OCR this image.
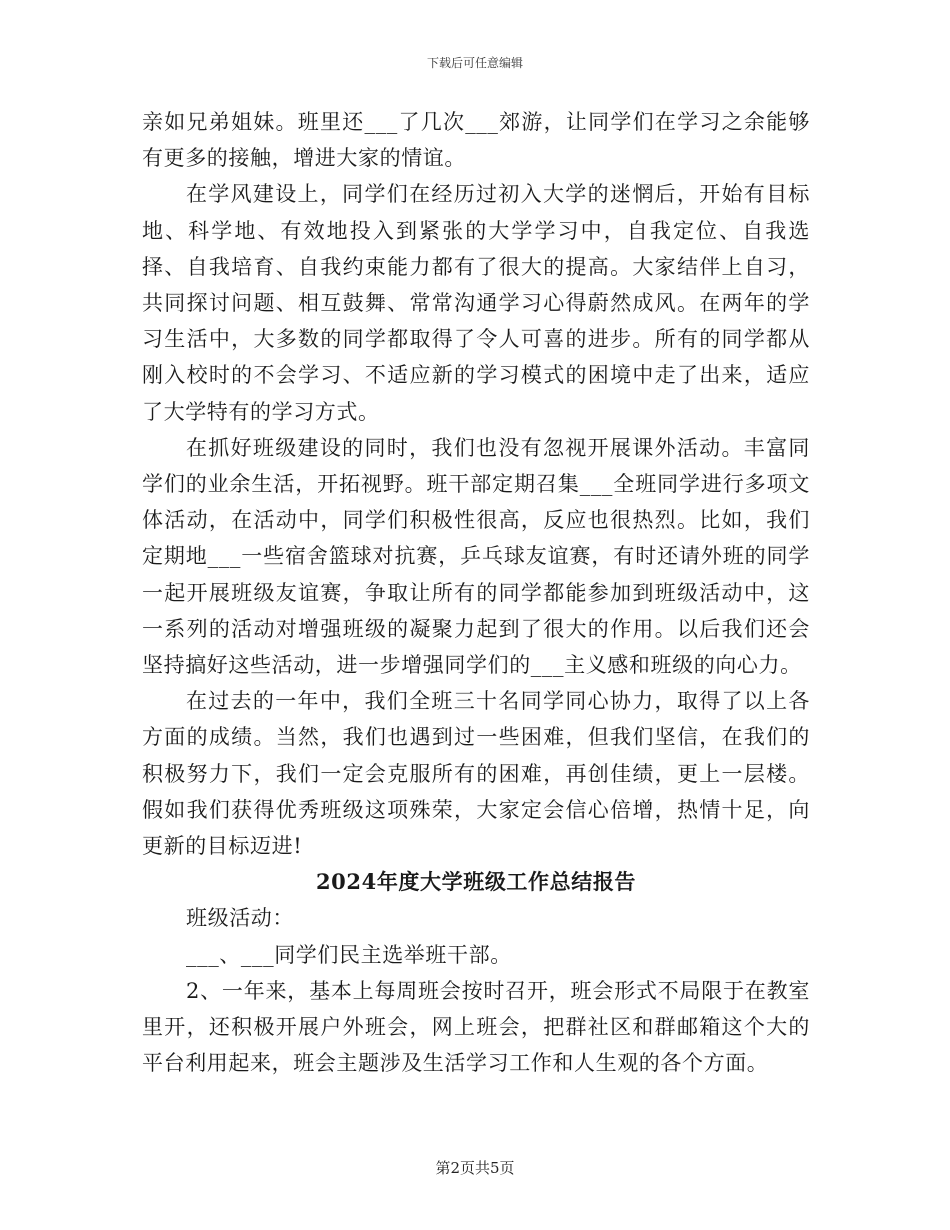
下载后可任意编辑

亲如兄弟姐妹。班里还___了几次___郊游，让同学们在学习之余能够有更多的接触，增进大家的情谊。

在学风建设上，同学们在经历过初入大学的迷惘后，开始有目标地、科学地、有效地投入到紧张的大学学习中，自我定位、自我选择、自我培育、自我约束能力都有了很大的提高。大家结伴上自习，共同探讨问题、相互鼓舞、常常沟通学习心得蔚然成风。在两年的学习生活中，大多数的同学都取得了令人可喜的进步。所有的同学都从刚入校时的不会学习、不适应新的学习模式的困境中走了出来，适应了大学特有的学习方式。

在抓好班级建设的同时，我们也没有忽视开展课外活动。丰富同学们的业余生活，开拓视野。班干部定期召集___全班同学进行多项文体活动，在活动中，同学们积极性很高，反应也很热烈。比如，我们定期地___一些宿舍篮球对抗赛，乒乓球友谊赛，有时还请外班的同学一起开展班级友谊赛，争取让所有的同学都能参加到班级活动中，这一系列的活动对增强班级的凝聚力起到了很大的作用。以后我们还会坚持搞好这些活动，进一步增强同学们的___主义感和班级的向心力。

在过去的一年中，我们全班三十名同学同心协力，取得了以上各方面的成绩。当然，我们也遇到过一些困难，但我们坚信，在我们的积极努力下，我们一定会克服所有的困难，再创佳绩，更上一层楼。假如我们获得优秀班级这项殊荣，大家定会信心倍增，热情十足，向更新的目标迈进!

2024年度大学班级工作总结报告

班级活动：

___、___同学们民主选举班干部。

2、一年来，基本上每周班会按时召开，班会形式不局限于在教室里开，还积极开展户外班会，网上班会，把群社区和群邮箱这个大的平台利用起来，班会主题涉及生活学习工作和人生观的各个方面。

第2页共5页
